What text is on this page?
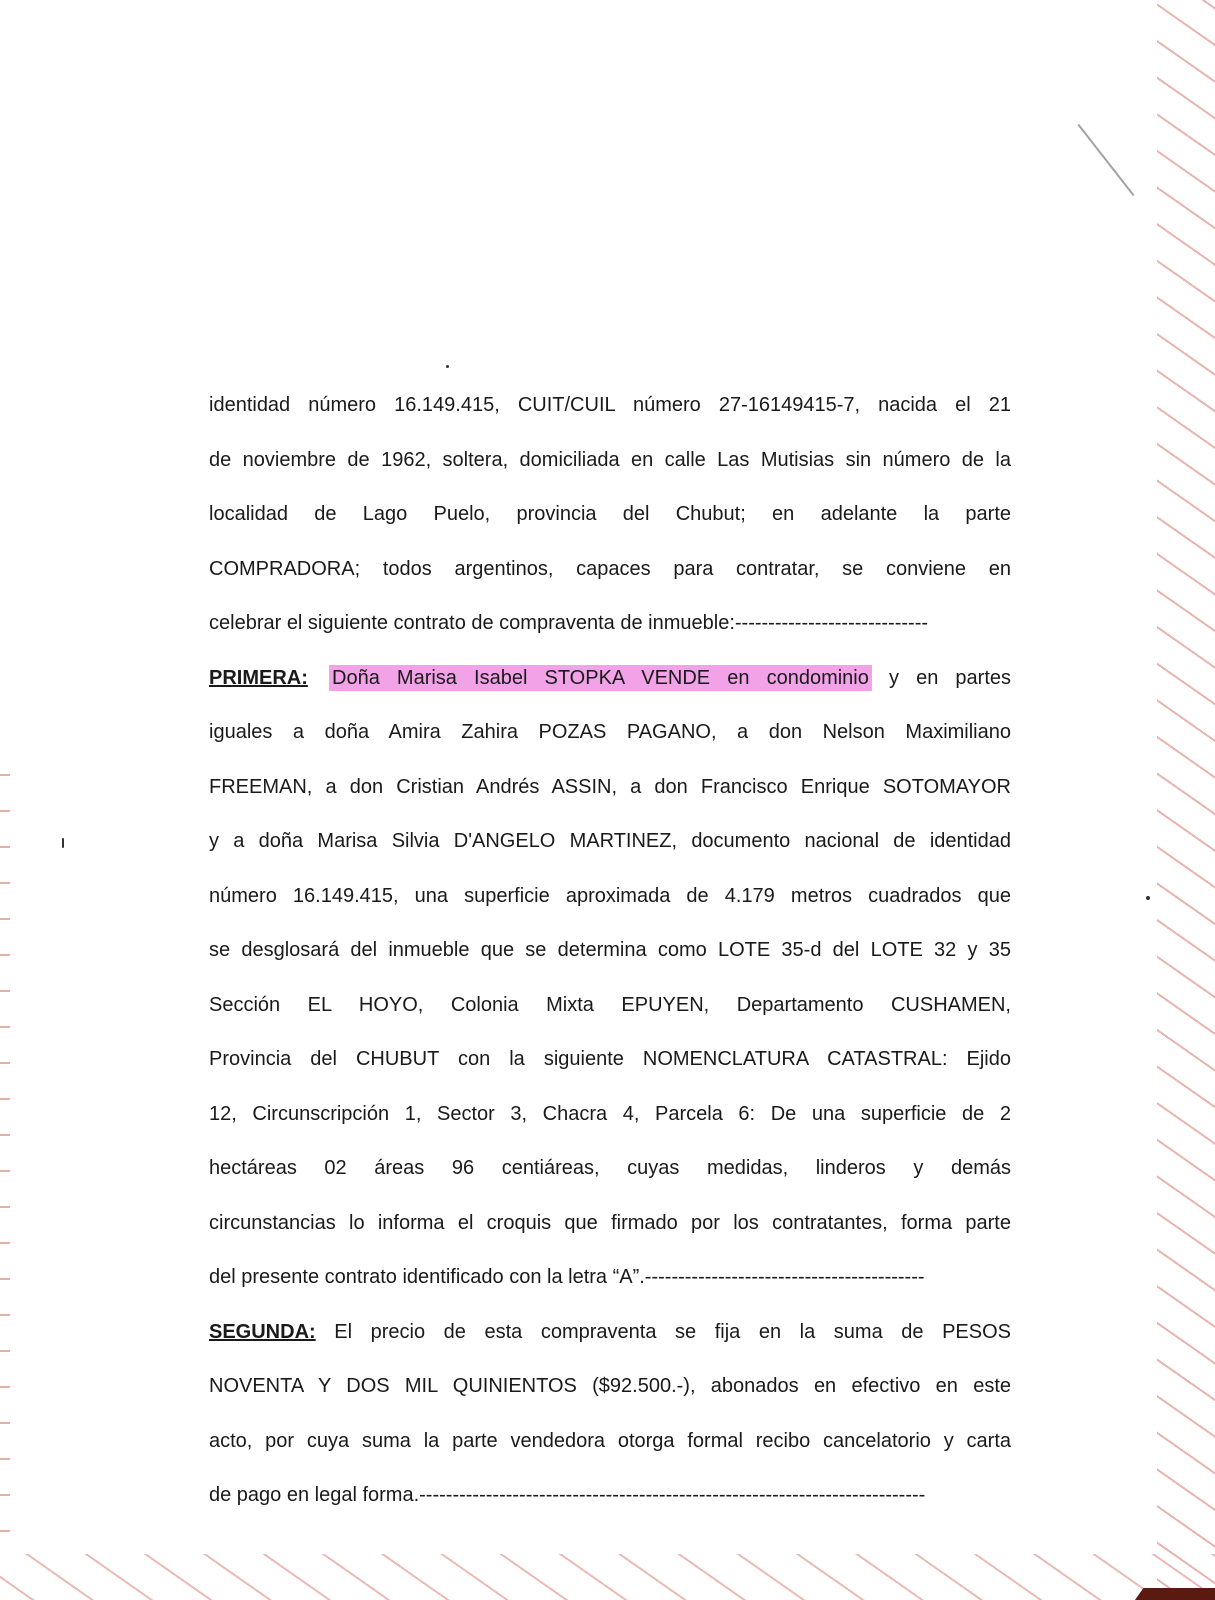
identidad número 16.149.415, CUIT/CUIL número 27-16149415-7, nacida el 21
de noviembre de 1962, soltera, domiciliada en calle Las Mutisias sin número de la
localidad de Lago Puelo, provincia del Chubut; en adelante la parte
COMPRADORA; todos argentinos, capaces para contratar, se conviene en
celebrar el siguiente contrato de compraventa de inmueble:-----------------------------
PRIMERA: Doña Marisa Isabel STOPKA VENDE en condominio y en partes
iguales a doña Amira Zahira POZAS PAGANO, a don Nelson Maximiliano
FREEMAN, a don Cristian Andrés ASSIN, a don Francisco Enrique SOTOMAYOR
y a doña Marisa Silvia D'ANGELO MARTINEZ, documento nacional de identidad
número 16.149.415, una superficie aproximada de 4.179 metros cuadrados que
se desglosará del inmueble que se determina como LOTE 35-d del LOTE 32 y 35
Sección EL HOYO, Colonia Mixta EPUYEN, Departamento CUSHAMEN,
Provincia del CHUBUT con la siguiente NOMENCLATURA CATASTRAL: Ejido
12, Circunscripción 1, Sector 3, Chacra 4, Parcela 6: De una superficie de 2
hectáreas 02 áreas 96 centiáreas, cuyas medidas, linderos y demás
circunstancias lo informa el croquis que firmado por los contratantes, forma parte
del presente contrato identificado con la letra “A”.------------------------------------------
SEGUNDA: El precio de esta compraventa se fija en la suma de PESOS
NOVENTA Y DOS MIL QUINIENTOS ($92.500.-), abonados en efectivo en este
acto, por cuya suma la parte vendedora otorga formal recibo cancelatorio y carta
de pago en legal forma.----------------------------------------------------------------------------
